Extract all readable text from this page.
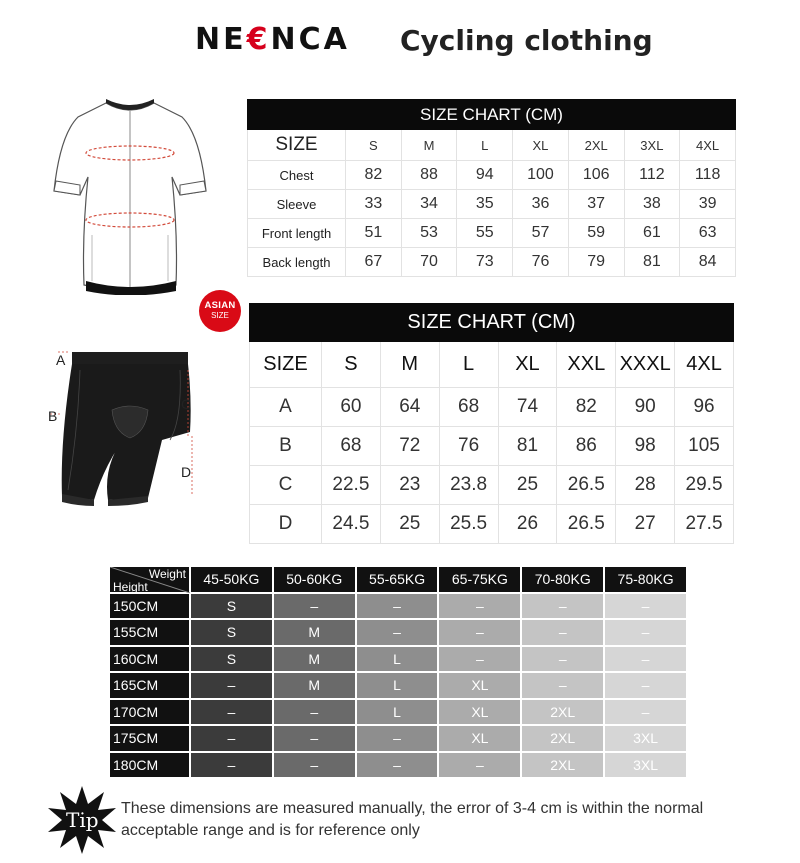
NE€NCA Cycling clothing
SIZE CHART (CM)							
SIZE	S	M	L	XL	2XL	3XL	4XL
Chest	82	88	94	100	106	112	118
Sleeve	33	34	35	36	37	38	39
Front length	51	53	55	57	59	61	63
Back length	67	70	73	76	79	81	84
ASIAN
SIZE
A
B
C
D
SIZE CHART (CM)							
SIZE	S	M	L	XL	XXL	XXXL	4XL
A	60	64	68	74	82	90	96
B	68	72	76	81	86	98	105
C	22.5	23	23.8	25	26.5	28	29.5
D	24.5	25	25.5	26	26.5	27	27.5
Weight
Height	45-50KG	50-60KG	55-65KG	65-75KG	70-80KG	75-80KG
150CM	S	–	–	–	–	–
155CM	S	M	–	–	–	–
160CM	S	M	L	–	–	–
165CM	–	M	L	XL	–	–
170CM	–	–	L	XL	2XL	–
175CM	–	–	–	XL	2XL	3XL
180CM	–	–	–	–	2XL	3XL
Tip These dimensions are measured manually, the error of 3-4 cm is within the normal acceptable range and is for reference only
